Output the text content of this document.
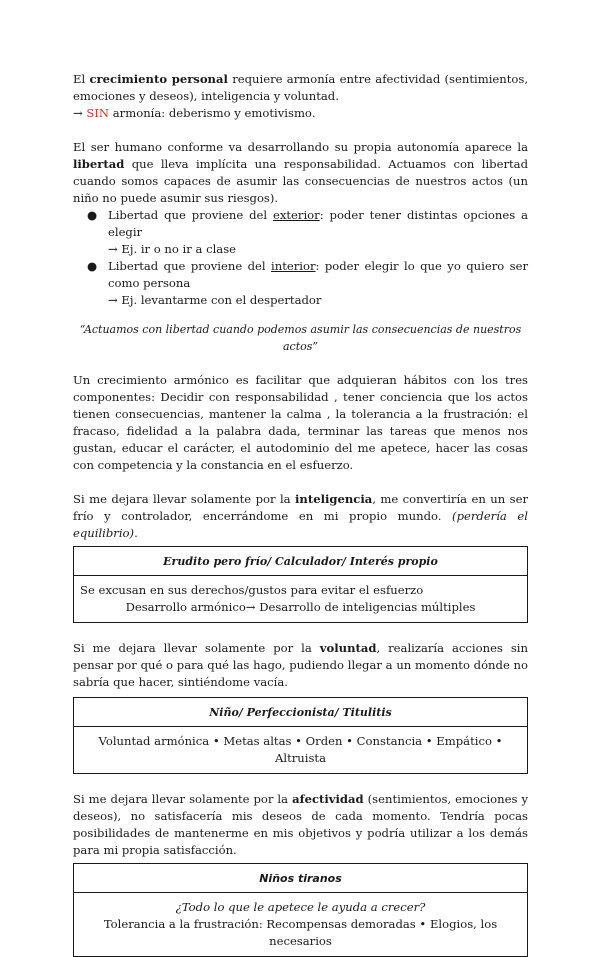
El crecimiento personal requiere armonía entre afectividad (sentimientos, emociones y deseos), inteligencia y voluntad.

→ SIN armonía: deberismo y emotivismo.

El ser humano conforme va desarrollando su propia autonomía aparece la libertad que lleva implícita una responsabilidad. Actuamos con libertad cuando somos capaces de asumir las consecuencias de nuestros actos (un niño no puede asumir sus riesgos).

● Libertad que proviene del exterior: poder tener distintas opciones a elegir
→ Ej. ir o no ir a clase
● Libertad que proviene del interior: poder elegir lo que yo quiero ser como persona
→ Ej. levantarme con el despertador

“Actuamos con libertad cuando podemos asumir las consecuencias de nuestros actos”

Un crecimiento armónico es facilitar que adquieran hábitos con los tres componentes: Decidir con responsabilidad , tener conciencia que los actos tienen consecuencias, mantener la calma , la tolerancia a la frustración: el fracaso, fidelidad a la palabra dada, terminar las tareas que menos nos gustan, educar el carácter, el autodominio del me apetece, hacer las cosas con competencia y la constancia en el esfuerzo.

Si me dejara llevar solamente por la inteligencia, me convertiría en un ser frío y controlador, encerrándome en mi propio mundo. (perdería el equilibrio).

Erudito pero frío/ Calculador/ Interés propio

Se excusan en sus derechos/gustos para evitar el esfuerzo

Desarrollo armónico→ Desarrollo de inteligencias múltiples

Si me dejara llevar solamente por la voluntad, realizaría acciones sin pensar por qué o para qué las hago, pudiendo llegar a un momento dónde no sabría que hacer, sintiéndome vacía.

Niño/ Perfeccionista/ Titulitis

Voluntad armónica • Metas altas • Orden • Constancia • Empático • Altruista

Si me dejara llevar solamente por la afectividad (sentimientos, emociones y deseos), no satisfacería mis deseos de cada momento. Tendría pocas posibilidades de mantenerme en mis objetivos y podría utilizar a los demás para mi propia satisfacción.

Niños tiranos

¿Todo lo que le apetece le ayuda a crecer?

Tolerancia a la frustración: Recompensas demoradas • Elogios, los necesarios
